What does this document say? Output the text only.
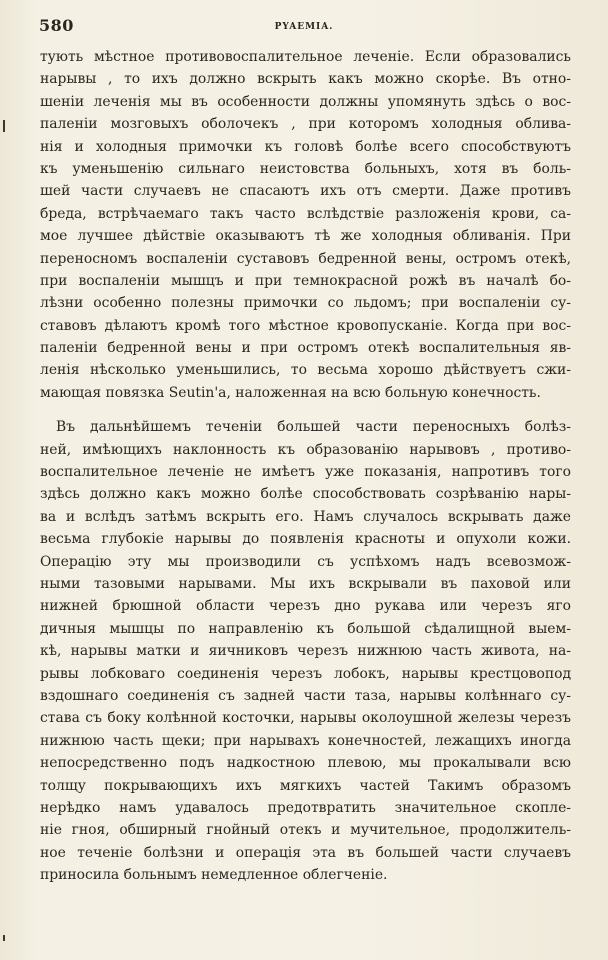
580	PYAEMIA.
тують мѣстное противовоспалительное леченіе. Если образовались
нарывы , то ихъ должно вскрыть какъ можно скорѣе. Въ отно-
шеніи леченія мы въ особенности должны упомянуть здѣсь о вос-
паленіи мозговыхъ оболочекъ , при которомъ холодныя облива-
нія и холодныя примочки къ головѣ болѣе всего способствуютъ
къ уменьшенію сильнаго неистовства больныхъ, хотя въ боль-
шей части случаевъ не спасаютъ ихъ отъ смерти. Даже противъ
бреда, встрѣчаемаго такъ часто вслѣдствіе разложенія крови, са-
мое лучшее дѣйствіе оказываютъ тѣ же холодныя обливанія. При
переносномъ воспаленіи суставовъ бедренной вены, остромъ отекѣ,
при воспаленіи мышцъ и при темнокрасной рожѣ въ началѣ бо-
лѣзни особенно полезны примочки со льдомъ; при воспаленіи су-
ставовъ дѣлаютъ кромѣ того мѣстное кровопусканіе. Когда при вос-
паленіи бедренной вены и при остромъ отекѣ воспалительныя яв-
ленія нѣсколько уменьшились, то весьма хорошо дѣйствуетъ сжи-
мающая повязка Seutin'a, наложенная на всю больную конечность.
Въ дальнѣйшемъ теченіи большей части переносныхъ болѣз-
ней, имѣющихъ наклонность къ образованію нарывовъ , противо-
воспалительное леченіе не имѣетъ уже показанія, напротивъ того
здѣсь должно какъ можно болѣе способствовать созрѣванію нары-
ва и вслѣдъ затѣмъ вскрыть его. Намъ случалось вскрывать даже
весьма глубокіе нарывы до появленія красноты и опухоли кожи.
Операцію эту мы производили съ успѣхомъ надъ всевозмож-
ными тазовыми нарывами. Мы ихъ вскрывали въ паховой или
нижней брюшной области черезъ дно рукава или черезъ яго
дичныя мышцы по направленію къ большой сѣдалищной выем-
кѣ, нарывы матки и яичниковъ черезъ нижнюю часть живота, на-
рывы лобковаго соединенія черезъ лобокъ, нарывы крестцовопод
вздошнаго соединенія съ задней части таза, нарывы колѣннаго су-
става съ боку колѣнной косточки, нарывы околоушной железы черезъ
нижнюю часть щеки; при нарывахъ конечностей, лежащихъ иногда
непосредственно подъ надкостною плевою, мы прокалывали всю
толщу покрывающихъ ихъ мягкихъ частей Такимъ образомъ
нерѣдко намъ удавалось предотвратить значительное скопле-
ніе гноя, обширный гнойный отекъ и мучительное, продолжитель-
ное теченіе болѣзни и операція эта въ большей части случаевъ
приносила больнымъ немедленное облегченіе.
